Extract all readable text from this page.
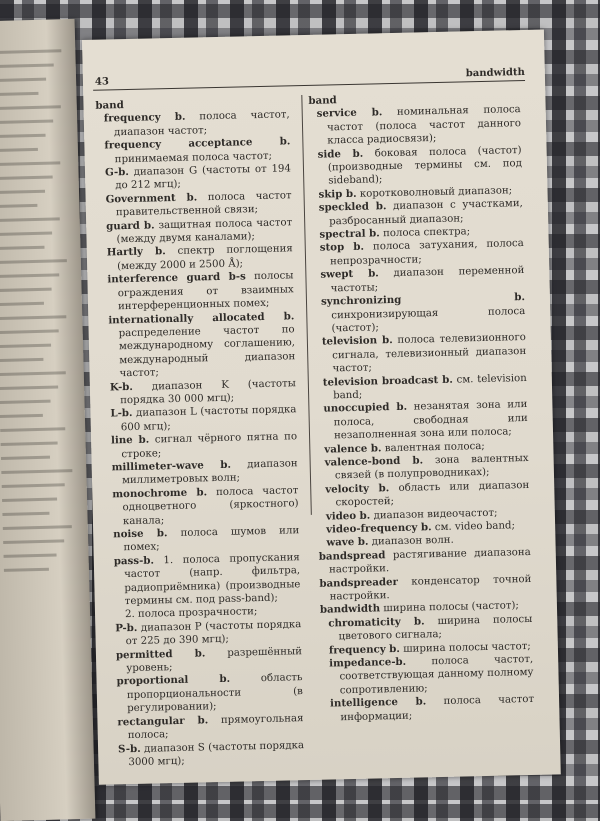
43
bandwidth

band

frequency b. полоса частот, диапазон частот;

frequency acceptance b. принимаемая полоса частот;

G-b. диапазон G (частоты от 194 до 212 мгц);

Government b. полоса частот правительственной связи;

guard b. защитная полоса частот (между двумя каналами);

Hartly b. спектр поглощения (между 2000 и 2500 Å);

interference guard b-s полосы ограждения от взаимных интерференционных помех;

internationally allocated b. распределение частот по международному соглашению, международный диапазон частот;

K-b. диапазон K (частоты порядка 30 000 мгц);

L-b. диапазон L (частоты порядка 600 мгц);

line b. сигнал чёрного пятна по строке;

millimeter-wave b. диапазон миллиметровых волн;

monochrome b. полоса частот одноцветного (яркостного) канала;

noise b. полоса шумов или помех;

pass-b. 1. полоса пропускания частот (напр. фильтра, радиоприёмника) (производные термины см. под pass-band);

2. полоса прозрачности;

P-b. диапазон P (частоты порядка от 225 до 390 мгц);

permitted b. разрешённый уровень;

proportional b.	область пропорциональности (в регулировании);

rectangular b. прямоугольная полоса;

S-b. диапазон S (частоты порядка 3000 мгц);

band

service b. номинальная полоса частот (полоса частот данного класса радиосвязи);

side b. боковая полоса (частот) (производные термины см. под sideband);

skip b. коротковолновый диапазон;

speckled b. диапазон с участками, разбросанный диапазон;

spectral b. полоса спектра;

stop b. полоса затухания, полоса непрозрачности;

swept b. диапазон переменной частоты;

synchronizing b. синхронизирующая полоса (частот);

television b. полоса телевизионного сигнала, телевизионный диапазон частот;

television broadcast b. см. television band;

unoccupied b. незанятая зона или полоса, свободная или незаполненная зона или полоса;

valence b. валентная полоса;

valence-bond b. зона валентных связей (в полупроводниках);

velocity b. область или диапазон скоростей;

video b. диапазон видеочастот;

video-frequency b. см. video band;

wave b. диапазон волн.

bandspread растягивание диапазона настройки.

bandspreader конденсатор точной настройки.

bandwidth ширина полосы (частот);

chromaticity b. ширина полосы цветового сигнала;

frequency b. ширина полосы частот;

impedance-b. полоса частот, соответствующая данному полному сопротивлению;

intelligence b. полоса частот информации;
